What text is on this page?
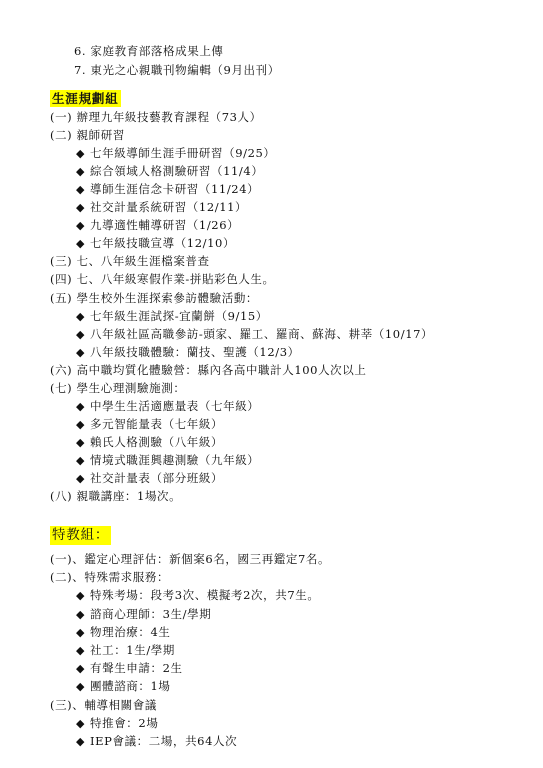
6. 家庭教育部落格成果上傳
7. 東光之心親職刊物編輯（9月出刊）
生涯規劃組
(一) 辦理九年級技藝教育課程（73人）
(二) 親師研習
◆ 七年級導師生涯手冊研習（9/25）
◆ 綜合領域人格測驗研習（11/4）
◆ 導師生涯信念卡研習（11/24）
◆ 社交計量系統研習（12/11）
◆ 九導適性輔導研習（1/26）
◆ 七年級技職宣導（12/10）
(三) 七、八年級生涯檔案普查
(四) 七、八年級寒假作業-拼貼彩色人生。
(五) 學生校外生涯探索參訪體驗活動：
◆ 七年級生涯試探-宜蘭餅（9/15）
◆ 八年級社區高職參訪-頭家、羅工、羅商、蘇海、耕莘（10/17）
◆ 八年級技職體驗：蘭技、聖護（12/3）
(六) 高中職均質化體驗營：縣內各高中職計人100人次以上
(七) 學生心理測驗施測：
◆ 中學生生活適應量表（七年級）
◆ 多元智能量表（七年級）
◆ 賴氏人格測驗（八年級）
◆ 情境式職涯興趣測驗（九年級）
◆ 社交計量表（部分班級）
(八) 親職講座：1場次。
特教組：
(一)、鑑定心理評估：新個案6名，國三再鑑定7名。
(二)、特殊需求服務：
◆ 特殊考場：段考3次、模擬考2次，共7生。
◆ 諮商心理師：3生/學期
◆ 物理治療：4生
◆ 社工：1生/學期
◆ 有聲生申請：2生
◆ 團體諮商：1場
(三)、輔導相關會議
◆ 特推會：2場
◆ IEP會議：二場，共64人次
